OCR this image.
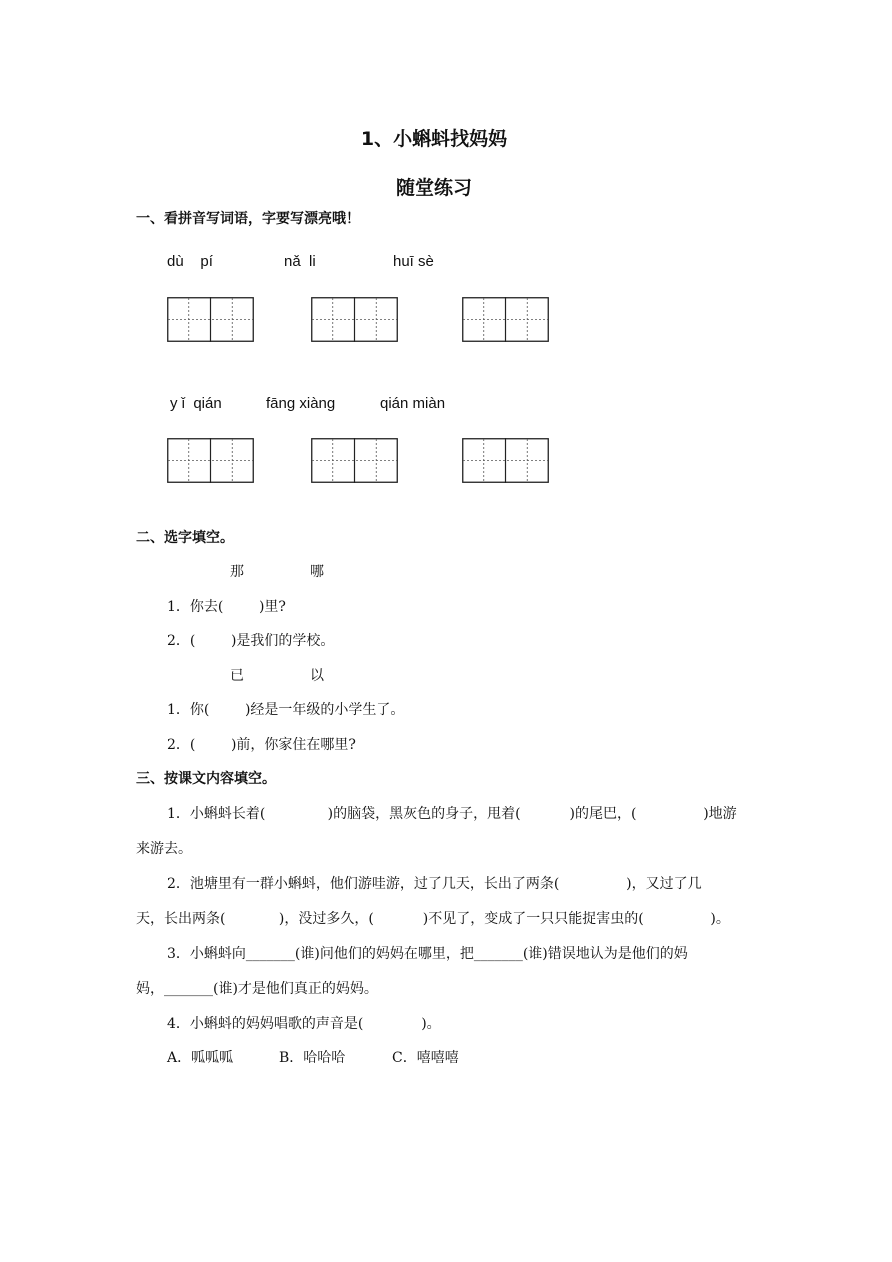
1、小蝌蚪找妈妈
随堂练习
一、看拼音写词语，字要写漂亮哦！
dù    pí	nǎ  li	huī sè
y ǐ  qián	fāng xiàng	qián miàn
二、选字填空。
那	哪
1．你去(        )里?
2．(        )是我们的学校。
已	以
1．你(        )经是一年级的小学生了。
2．(        )前，你家住在哪里?
三、按课文内容填空。
1．小蝌蚪长着(              )的脑袋，黑灰色的身子，甩着(           )的尾巴，(               )地游
来游去。
2．池塘里有一群小蝌蚪，他们游哇游，过了几天，长出了两条(               )，又过了几
天，长出两条(            )，没过多久，(           )不见了，变成了一只只能捉害虫的(               )。
3．小蝌蚪向_______(谁)问他们的妈妈在哪里，把_______(谁)错误地认为是他们的妈
妈，_______(谁)才是他们真正的妈妈。
4．小蝌蚪的妈妈唱歌的声音是(             )。
A．呱呱呱	B．哈哈哈	C．嘻嘻嘻
